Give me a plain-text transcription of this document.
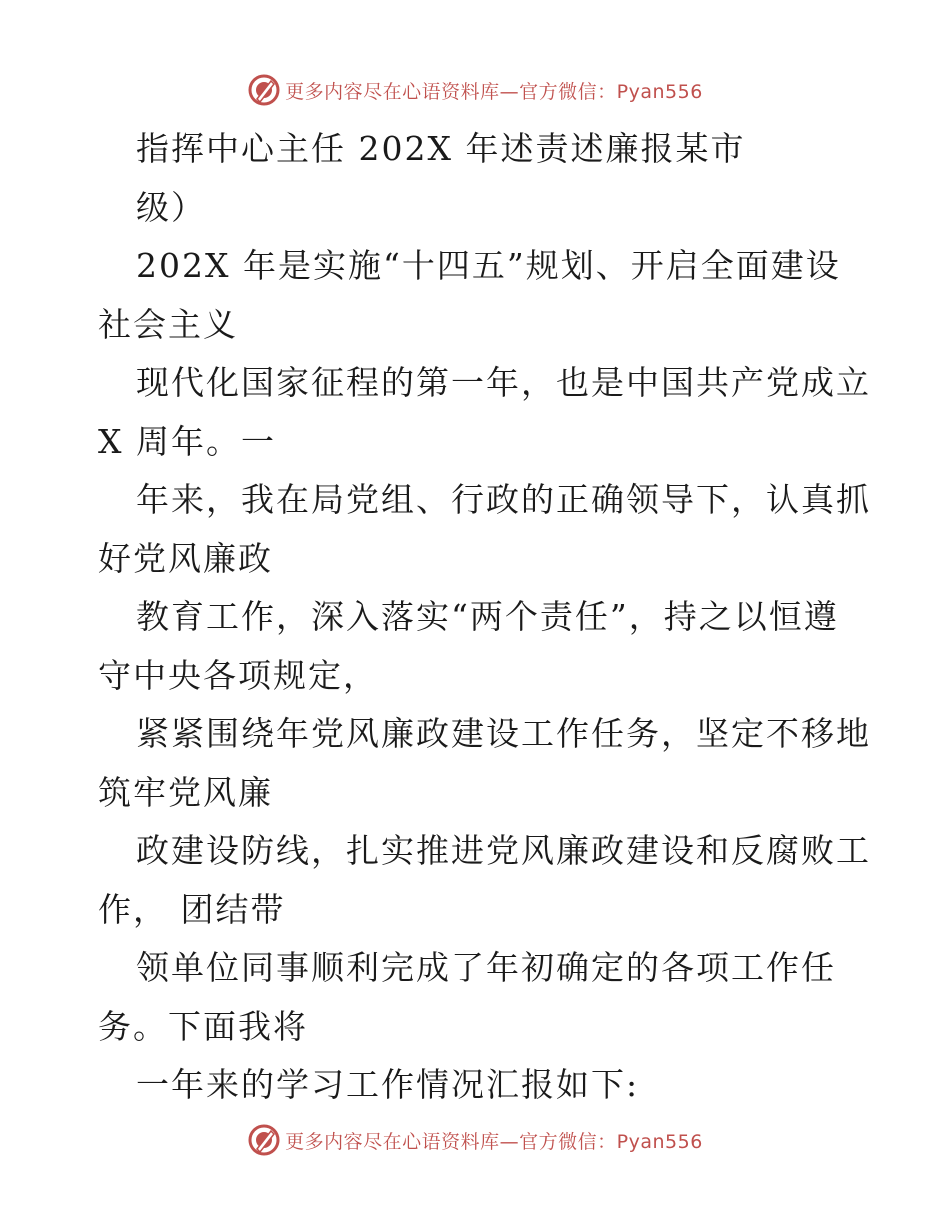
更多内容尽在心语资料库—官方微信：Pyan556
指挥中心主任 202X 年述责述廉报某市
级）
202X 年是实施“十四五”规划、开启全面建设
社会主义
现代化国家征程的第一年，也是中国共产党成立
X 周年。一
年来，我在局党组、行政的正确领导下，认真抓
好党风廉政
教育工作，深入落实“两个责任”，持之以恒遵
守中央各项规定，
紧紧围绕年党风廉政建设工作任务，坚定不移地
筑牢党风廉
政建设防线，扎实推进党风廉政建设和反腐败工
作， 团结带
领单位同事顺利完成了年初确定的各项工作任
务。下面我将
一年来的学习工作情况汇报如下:
更多内容尽在心语资料库—官方微信：Pyan556
